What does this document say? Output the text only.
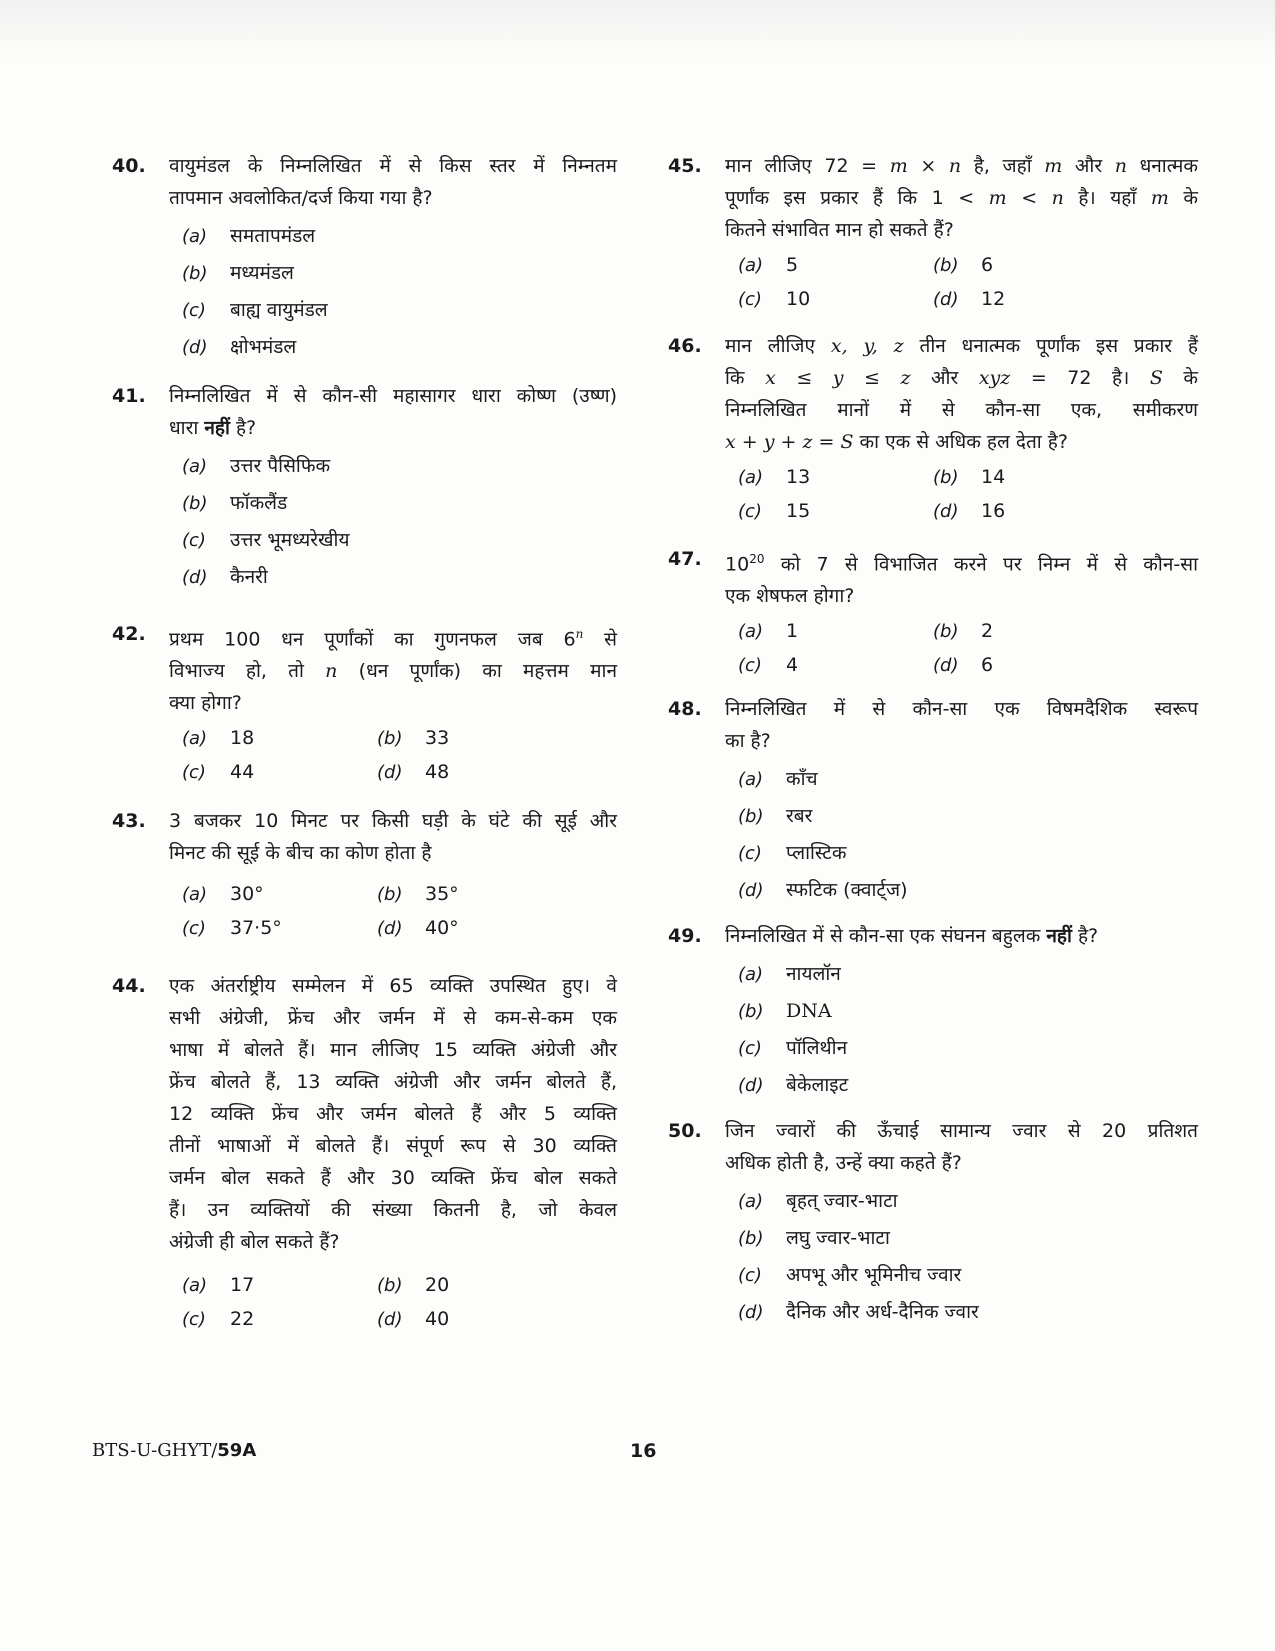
40. वायुमंडल के निम्नलिखित में से किस स्तर में निम्नतम
तापमान अवलोकित/दर्ज किया गया है?
(a) समतापमंडल
(b) मध्यमंडल
(c) बाह्य वायुमंडल
(d) क्षोभमंडल
41. निम्नलिखित में से कौन-सी महासागर धारा कोष्ण (उष्ण)
धारा नहीं है?
(a) उत्तर पैसिफिक
(b) फॉकलैंड
(c) उत्तर भूमध्यरेखीय
(d) कैनरी
42. प्रथम 100 धन पूर्णांकों का गुणनफल जब 6$^n$ से
विभाज्य हो, तो n (धन पूर्णांक) का महत्तम मान
क्या होगा?
(a) 18	(b) 33
(c) 44	(d) 48
43. 3 बजकर 10 मिनट पर किसी घड़ी के घंटे की सूई और
मिनट की सूई के बीच का कोण होता है
(a) 30°	(b) 35°
(c) 37·5°	(d) 40°
44. एक अंतर्राष्ट्रीय सम्मेलन में 65 व्यक्ति उपस्थित हुए। वे
सभी अंग्रेजी, फ्रेंच और जर्मन में से कम-से-कम एक
भाषा में बोलते हैं। मान लीजिए 15 व्यक्ति अंग्रेजी और
फ्रेंच बोलते हैं, 13 व्यक्ति अंग्रेजी और जर्मन बोलते हैं,
12 व्यक्ति फ्रेंच और जर्मन बोलते हैं और 5 व्यक्ति
तीनों भाषाओं में बोलते हैं। संपूर्ण रूप से 30 व्यक्ति
जर्मन बोल सकते हैं और 30 व्यक्ति फ्रेंच बोल सकते
हैं। उन व्यक्तियों की संख्या कितनी है, जो केवल
अंग्रेजी ही बोल सकते हैं?
(a) 17	(b) 20
(c) 22	(d) 40
45. मान लीजिए 72 = m × n है, जहाँ m और n धनात्मक
पूर्णांक इस प्रकार हैं कि 1 < m < n है। यहाँ m के
कितने संभावित मान हो सकते हैं?
(a) 5	(b) 6
(c) 10	(d) 12
46. मान लीजिए x, y, z तीन धनात्मक पूर्णांक इस प्रकार हैं
कि x ≤ y ≤ z और xyz = 72 है। S के
निम्नलिखित मानों में से कौन-सा एक, समीकरण
x + y + z = S का एक से अधिक हल देता है?
(a) 13	(b) 14
(c) 15	(d) 16
47. $10^{20}$ को 7 से विभाजित करने पर निम्न में से कौन-सा
एक शेषफल होगा?
(a) 1	(b) 2
(c) 4	(d) 6
48. निम्नलिखित में से कौन-सा एक विषमदैशिक स्वरूप
का है?
(a) काँच
(b) रबर
(c) प्लास्टिक
(d) स्फटिक (क्वार्ट्ज)
49. निम्नलिखित में से कौन-सा एक संघनन बहुलक नहीं है?
(a) नायलॉन
(b) DNA
(c) पॉलिथीन
(d) बेकेलाइट
50. जिन ज्वारों की ऊँचाई सामान्य ज्वार से 20 प्रतिशत
अधिक होती है, उन्हें क्या कहते हैं?
(a) बृहत् ज्वार-भाटा
(b) लघु ज्वार-भाटा
(c) अपभू और भूमिनीच ज्वार
(d) दैनिक और अर्ध-दैनिक ज्वार
BTS-U-GHYT/59A	16
